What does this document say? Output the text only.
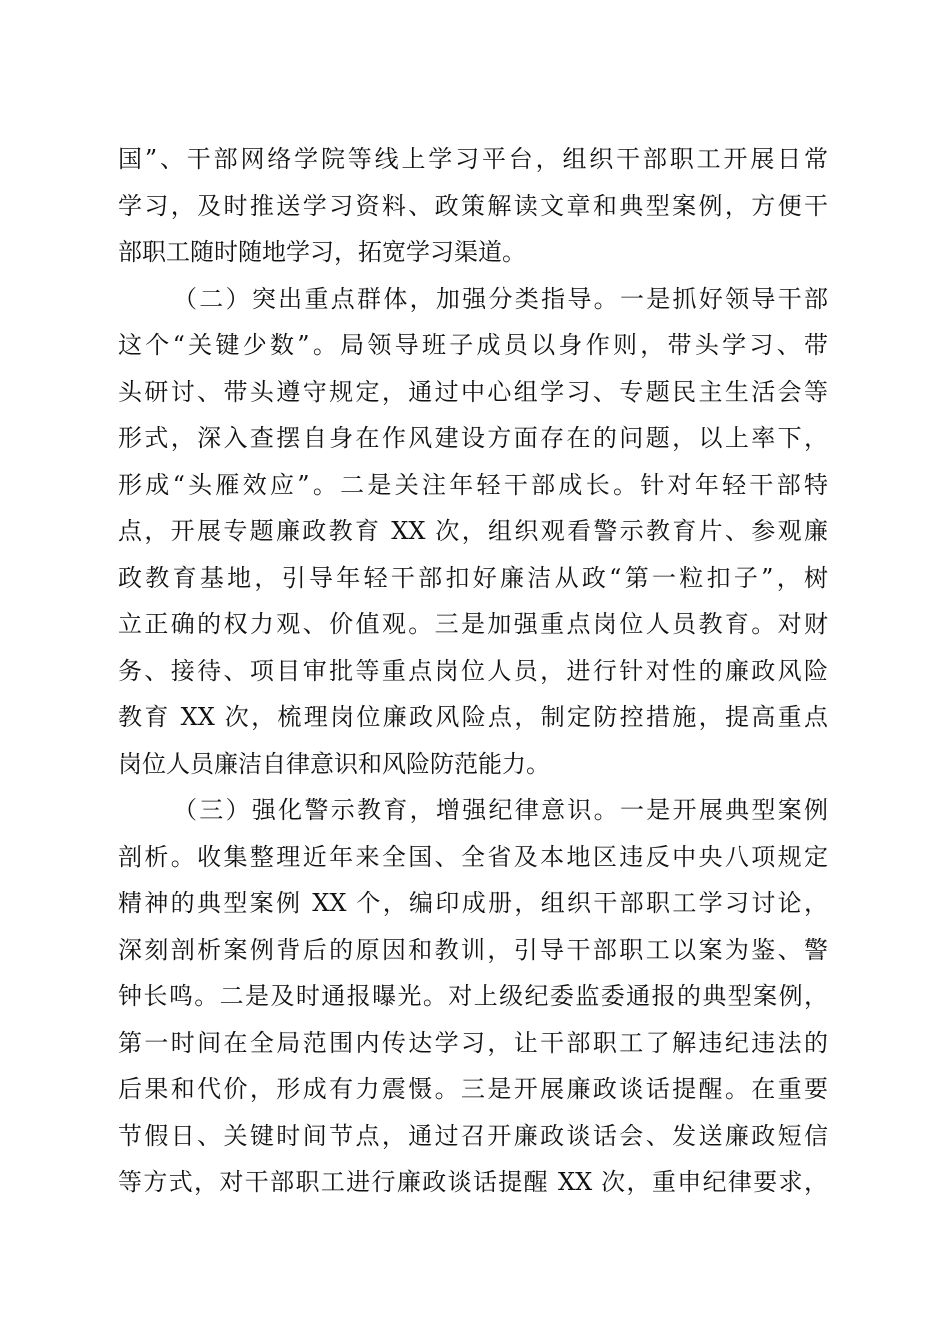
国”、干部网络学院等线上学习平台，组织干部职工开展日常
学习，及时推送学习资料、政策解读文章和典型案例，方便干
部职工随时随地学习，拓宽学习渠道。
（二）突出重点群体，加强分类指导。一是抓好领导干部
这个“关键少数”。局领导班子成员以身作则，带头学习、带
头研讨、带头遵守规定，通过中心组学习、专题民主生活会等
形式，深入查摆自身在作风建设方面存在的问题，以上率下，
形成“头雁效应”。二是关注年轻干部成长。针对年轻干部特
点，开展专题廉政教育 XX 次，组织观看警示教育片、参观廉
政教育基地，引导年轻干部扣好廉洁从政“第一粒扣子”，树
立正确的权力观、价值观。三是加强重点岗位人员教育。对财
务、接待、项目审批等重点岗位人员，进行针对性的廉政风险
教育 XX 次，梳理岗位廉政风险点，制定防控措施，提高重点
岗位人员廉洁自律意识和风险防范能力。
（三）强化警示教育，增强纪律意识。一是开展典型案例
剖析。收集整理近年来全国、全省及本地区违反中央八项规定
精神的典型案例 XX 个，编印成册，组织干部职工学习讨论，
深刻剖析案例背后的原因和教训，引导干部职工以案为鉴、警
钟长鸣。二是及时通报曝光。对上级纪委监委通报的典型案例，
第一时间在全局范围内传达学习，让干部职工了解违纪违法的
后果和代价，形成有力震慑。三是开展廉政谈话提醒。在重要
节假日、关键时间节点，通过召开廉政谈话会、发送廉政短信
等方式，对干部职工进行廉政谈话提醒 XX 次，重申纪律要求，
